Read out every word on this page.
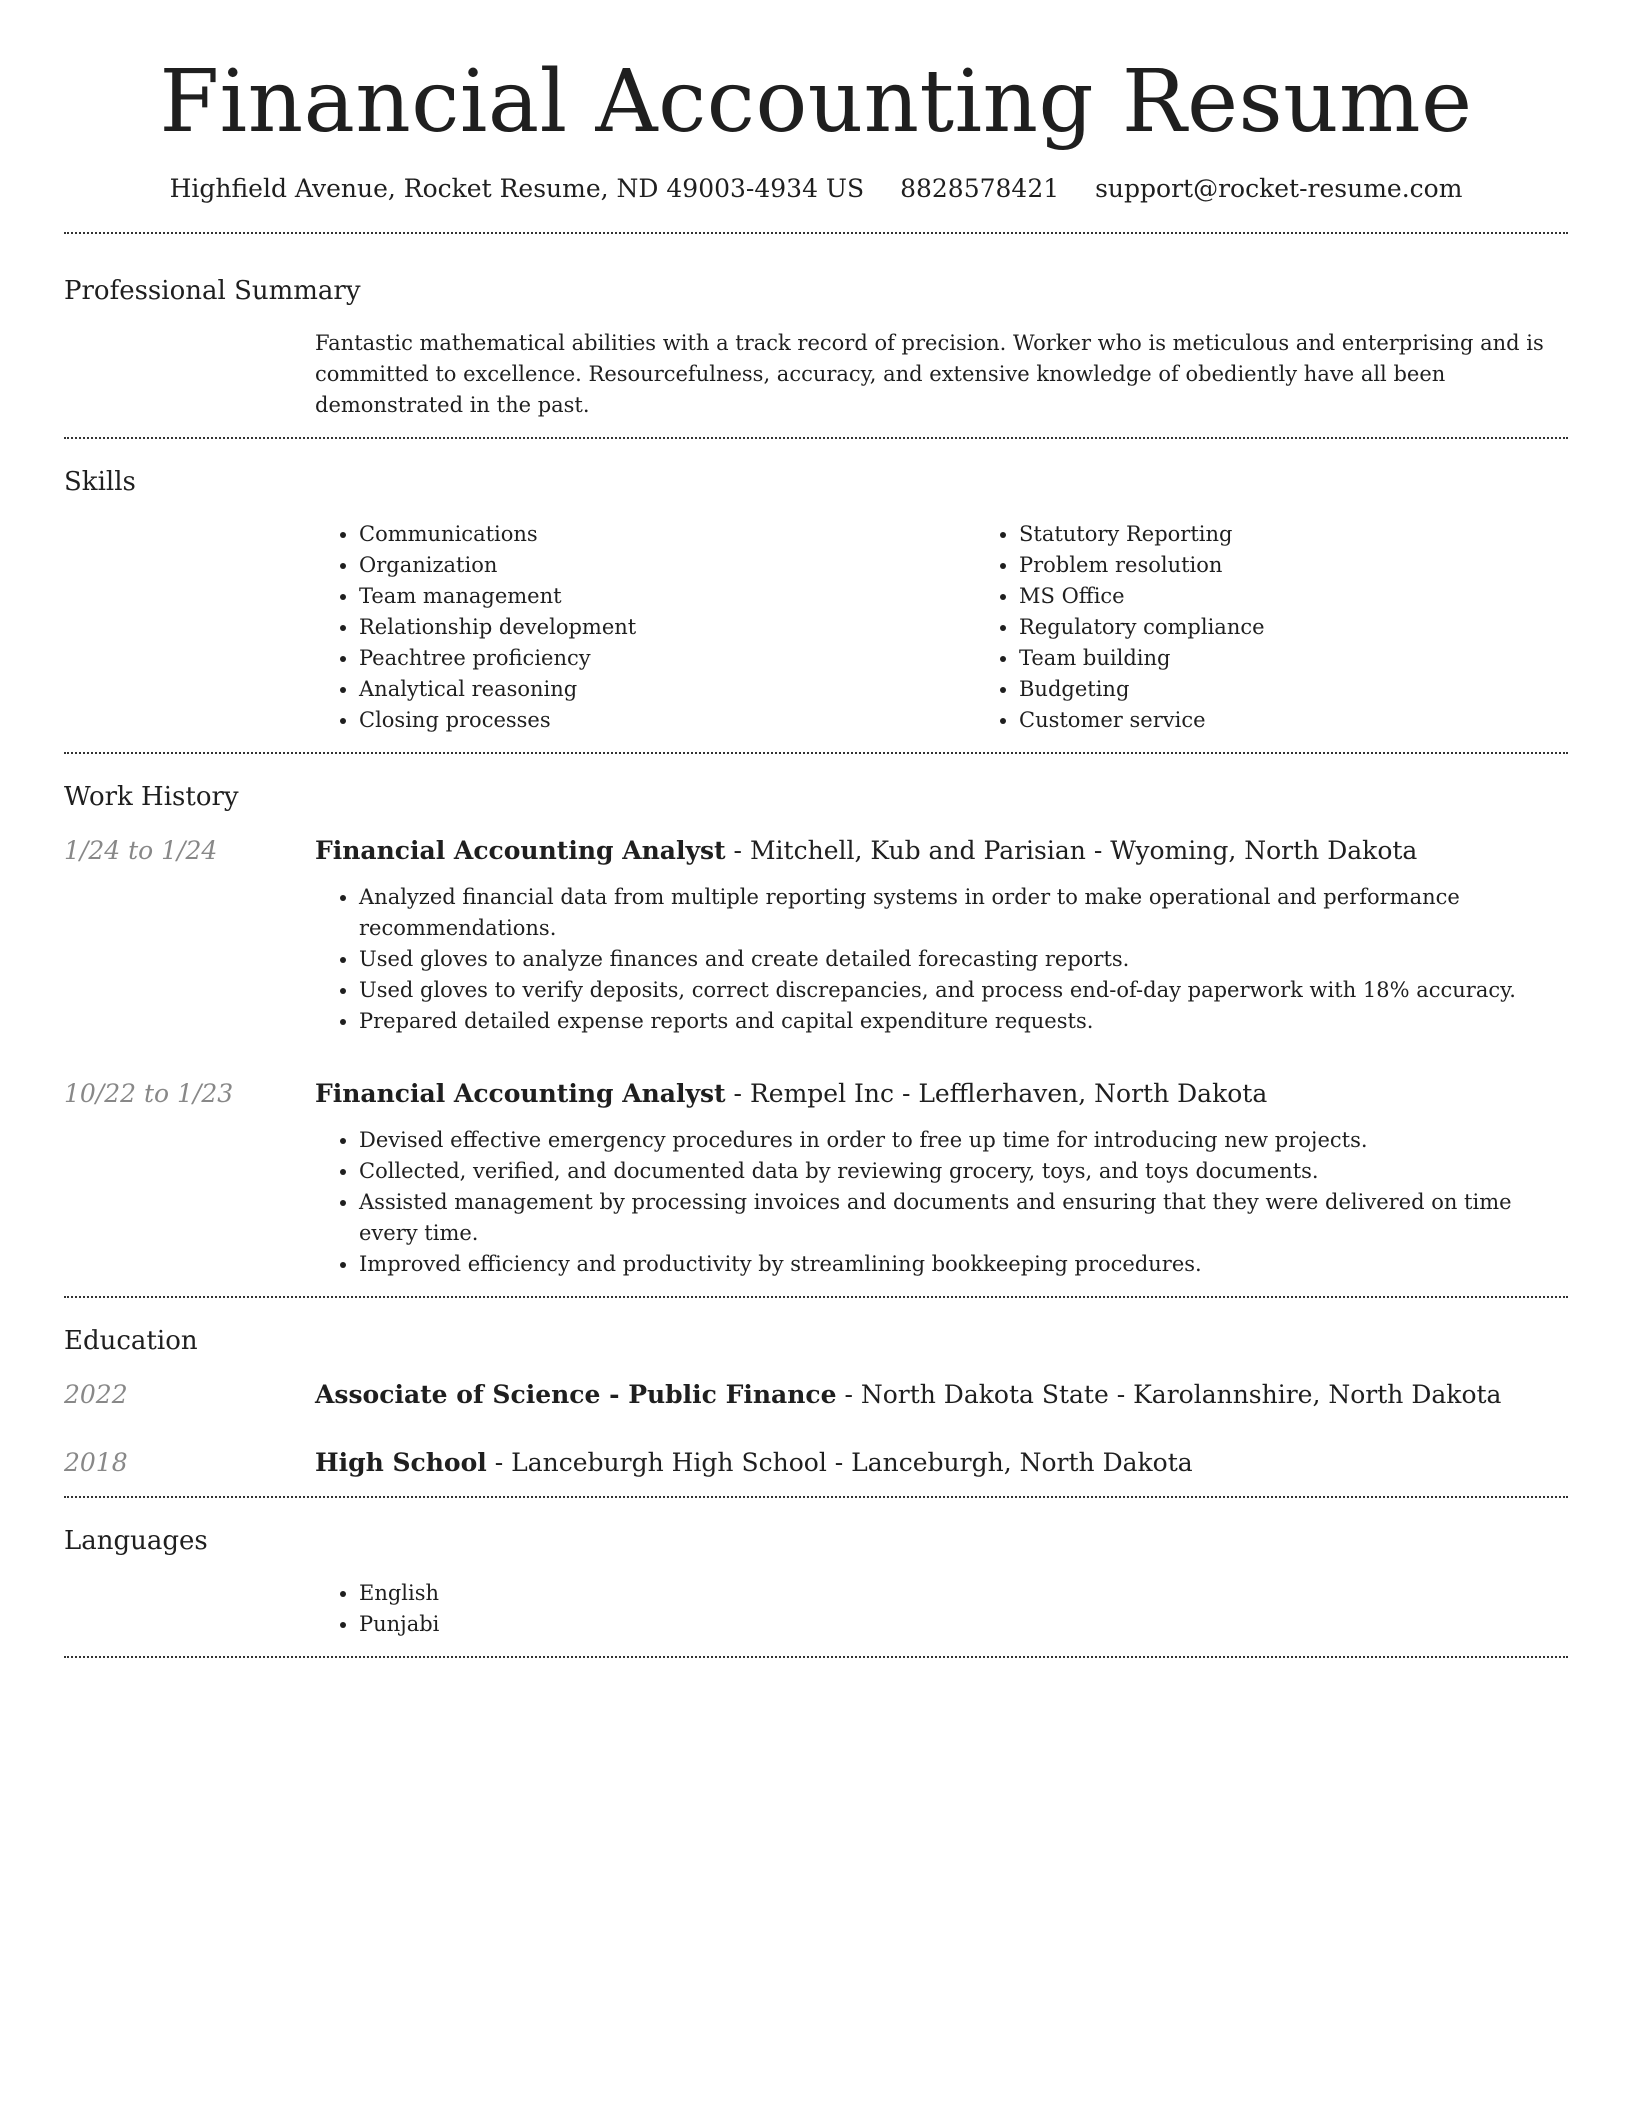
Financial Accounting Resume
Highfield Avenue, Rocket Resume, ND 49003-4934 US 8828578421 support@rocket-resume.com
Professional Summary

Fantastic mathematical abilities with a track record of precision. Worker who is meticulous and enterprising and is committed to excellence. Resourcefulness, accuracy, and extensive knowledge of obediently have all been demonstrated in the past.

Skills
• Communications
• Organization
• Team management
• Relationship development
• Peachtree proficiency
• Analytical reasoning
• Closing processes
• Statutory Reporting
• Problem resolution
• MS Office
• Regulatory compliance
• Team building
• Budgeting
• Customer service
Work History
1/24 to 1/24	Financial Accounting Analyst - Mitchell, Kub and Parisian - Wyoming, North Dakota
• Analyzed financial data from multiple reporting systems in order to make operational and performance recommendations.
• Used gloves to analyze finances and create detailed forecasting reports.
• Used gloves to verify deposits, correct discrepancies, and process end-of-day paperwork with 18% accuracy.
• Prepared detailed expense reports and capital expenditure requests.
10/22 to 1/23	Financial Accounting Analyst - Rempel Inc - Lefflerhaven, North Dakota
• Devised effective emergency procedures in order to free up time for introducing new projects.
• Collected, verified, and documented data by reviewing grocery, toys, and toys documents.
• Assisted management by processing invoices and documents and ensuring that they were delivered on time every time.
• Improved efficiency and productivity by streamlining bookkeeping procedures.
Education
2022	Associate of Science - Public Finance - North Dakota State - Karolannshire, North Dakota
2018	High School - Lanceburgh High School - Lanceburgh, North Dakota
Languages
• English
• Punjabi
